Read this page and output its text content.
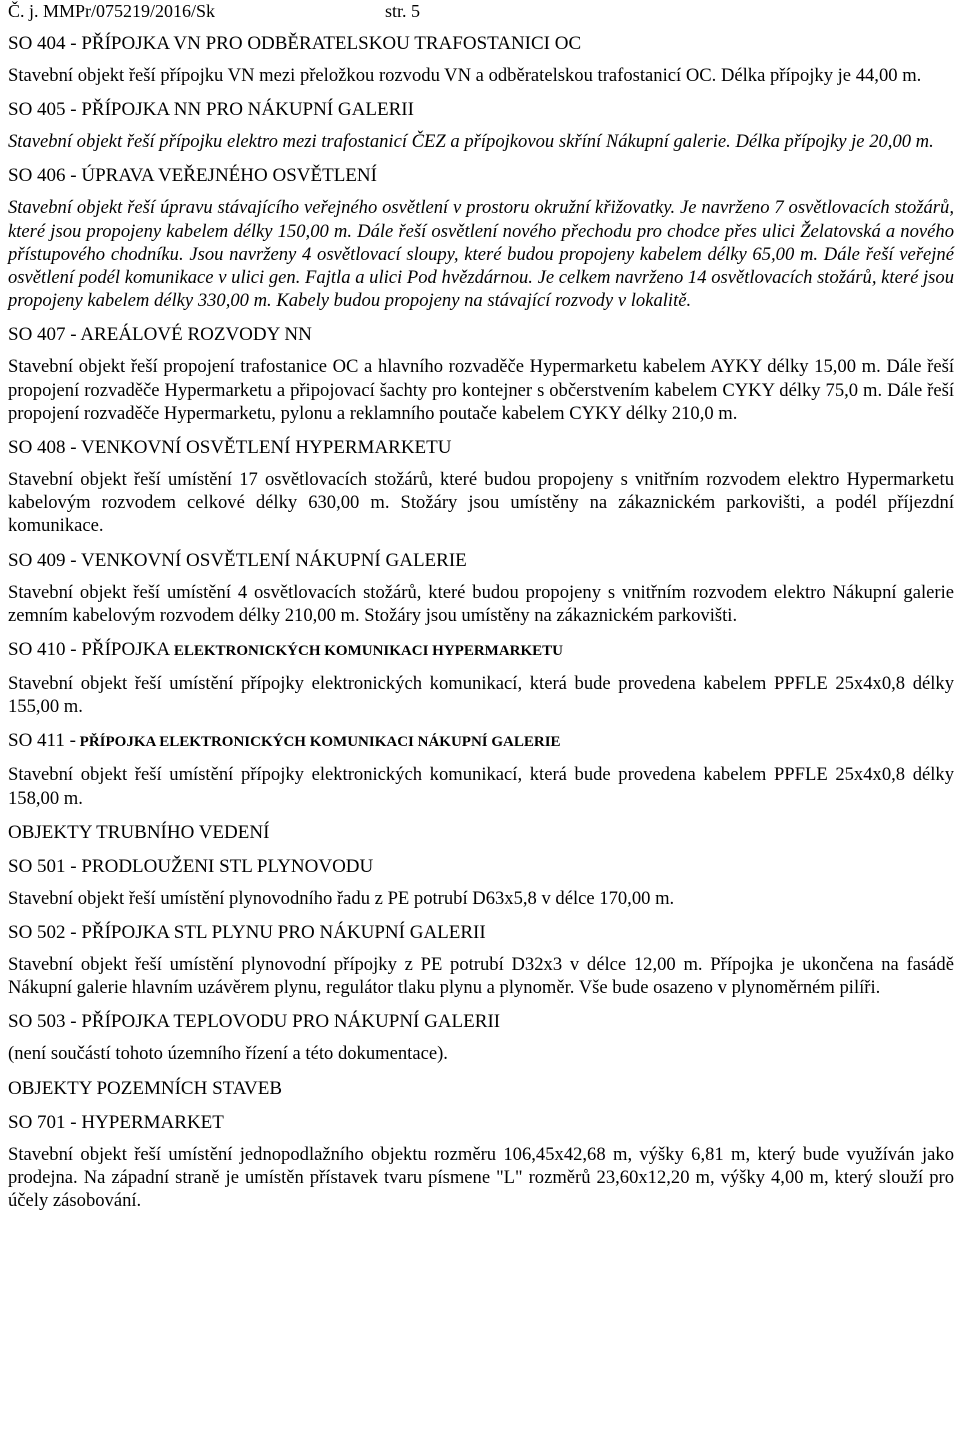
Č. j. MMPr/075219/2016/Sk	str. 5

SO 404 - PŘÍPOJKA VN PRO ODBĚRATELSKOU TRAFOSTANICI OC

Stavební objekt řeší přípojku VN mezi přeložkou rozvodu VN a odběratelskou trafostanicí OC. Délka přípojky je 44,00 m.

SO 405 - PŘÍPOJKA NN PRO NÁKUPNÍ GALERII

Stavební objekt řeší přípojku elektro mezi trafostanicí ČEZ a přípojkovou skříní Nákupní galerie. Délka přípojky je 20,00 m.

SO 406 - ÚPRAVA VEŘEJNÉHO OSVĚTLENÍ

Stavební objekt řeší úpravu stávajícího veřejného osvětlení v prostoru okružní křižovatky. Je navrženo 7 osvětlovacích stožárů, které jsou propojeny kabelem délky 150,00 m. Dále řeší osvětlení nového přechodu pro chodce přes ulici Želatovská a nového přístupového chodníku. Jsou navrženy 4 osvětlovací sloupy, které budou propojeny kabelem délky 65,00 m. Dále řeší veřejné osvětlení podél komunikace v ulici gen. Fajtla a ulici Pod hvězdárnou. Je celkem navrženo 14 osvětlovacích stožárů, které jsou propojeny kabelem délky 330,00 m. Kabely budou propojeny na stávající rozvody v lokalitě.

SO 407 - AREÁLOVÉ ROZVODY NN

Stavební objekt řeší propojení trafostanice OC a hlavního rozvaděče Hypermarketu kabelem AYKY délky 15,00 m. Dále řeší propojení rozvaděče Hypermarketu a připojovací šachty pro kontejner s občerstvením kabelem CYKY délky 75,0 m. Dále řeší propojení rozvaděče Hypermarketu, pylonu a reklamního poutače kabelem CYKY délky 210,0 m.

SO 408 - VENKOVNÍ OSVĚTLENÍ HYPERMARKETU

Stavební objekt řeší umístění 17 osvětlovacích stožárů, které budou propojeny s vnitřním rozvodem elektro Hypermarketu kabelovým rozvodem celkové délky 630,00 m. Stožáry jsou umístěny na zákaznickém parkovišti, a podél příjezdní komunikace.

SO 409 - VENKOVNÍ OSVĚTLENÍ NÁKUPNÍ GALERIE

Stavební objekt řeší umístění 4 osvětlovacích stožárů, které budou propojeny s vnitřním rozvodem elektro Nákupní galerie zemním kabelovým rozvodem délky 210,00 m. Stožáry jsou umístěny na zákaznickém parkovišti.

SO 410 - PŘÍPOJKA ELEKTRONICKÝCH KOMUNIKACI HYPERMARKETU

Stavební objekt řeší umístění přípojky elektronických komunikací, která bude provedena kabelem PPFLE 25x4x0,8 délky 155,00 m.

SO 411 - PŘÍPOJKA ELEKTRONICKÝCH KOMUNIKACI NÁKUPNÍ GALERIE

Stavební objekt řeší umístění přípojky elektronických komunikací, která bude provedena kabelem PPFLE 25x4x0,8 délky 158,00 m.

OBJEKTY TRUBNÍHO VEDENÍ

SO 501 - PRODLOUŽENI STL PLYNOVODU

Stavební objekt řeší umístění plynovodního řadu z PE potrubí D63x5,8 v délce 170,00 m.

SO 502 - PŘÍPOJKA STL PLYNU PRO NÁKUPNÍ GALERII

Stavební objekt řeší umístění plynovodní přípojky z PE potrubí D32x3 v délce 12,00 m. Přípojka je ukončena na fasádě Nákupní galerie hlavním uzávěrem plynu, regulátor tlaku plynu a plynoměr. Vše bude osazeno v plynoměrném pilíři.

SO 503 - PŘÍPOJKA TEPLOVODU PRO NÁKUPNÍ GALERII

(není součástí tohoto územního řízení a této dokumentace).

OBJEKTY POZEMNÍCH STAVEB

SO 701 - HYPERMARKET

Stavební objekt řeší umístění jednopodlažního objektu rozměru 106,45x42,68 m, výšky 6,81 m, který bude využíván jako prodejna. Na západní straně je umístěn přístavek tvaru písmene "L" rozměrů 23,60x12,20 m, výšky 4,00 m, který slouží pro účely zásobování.
